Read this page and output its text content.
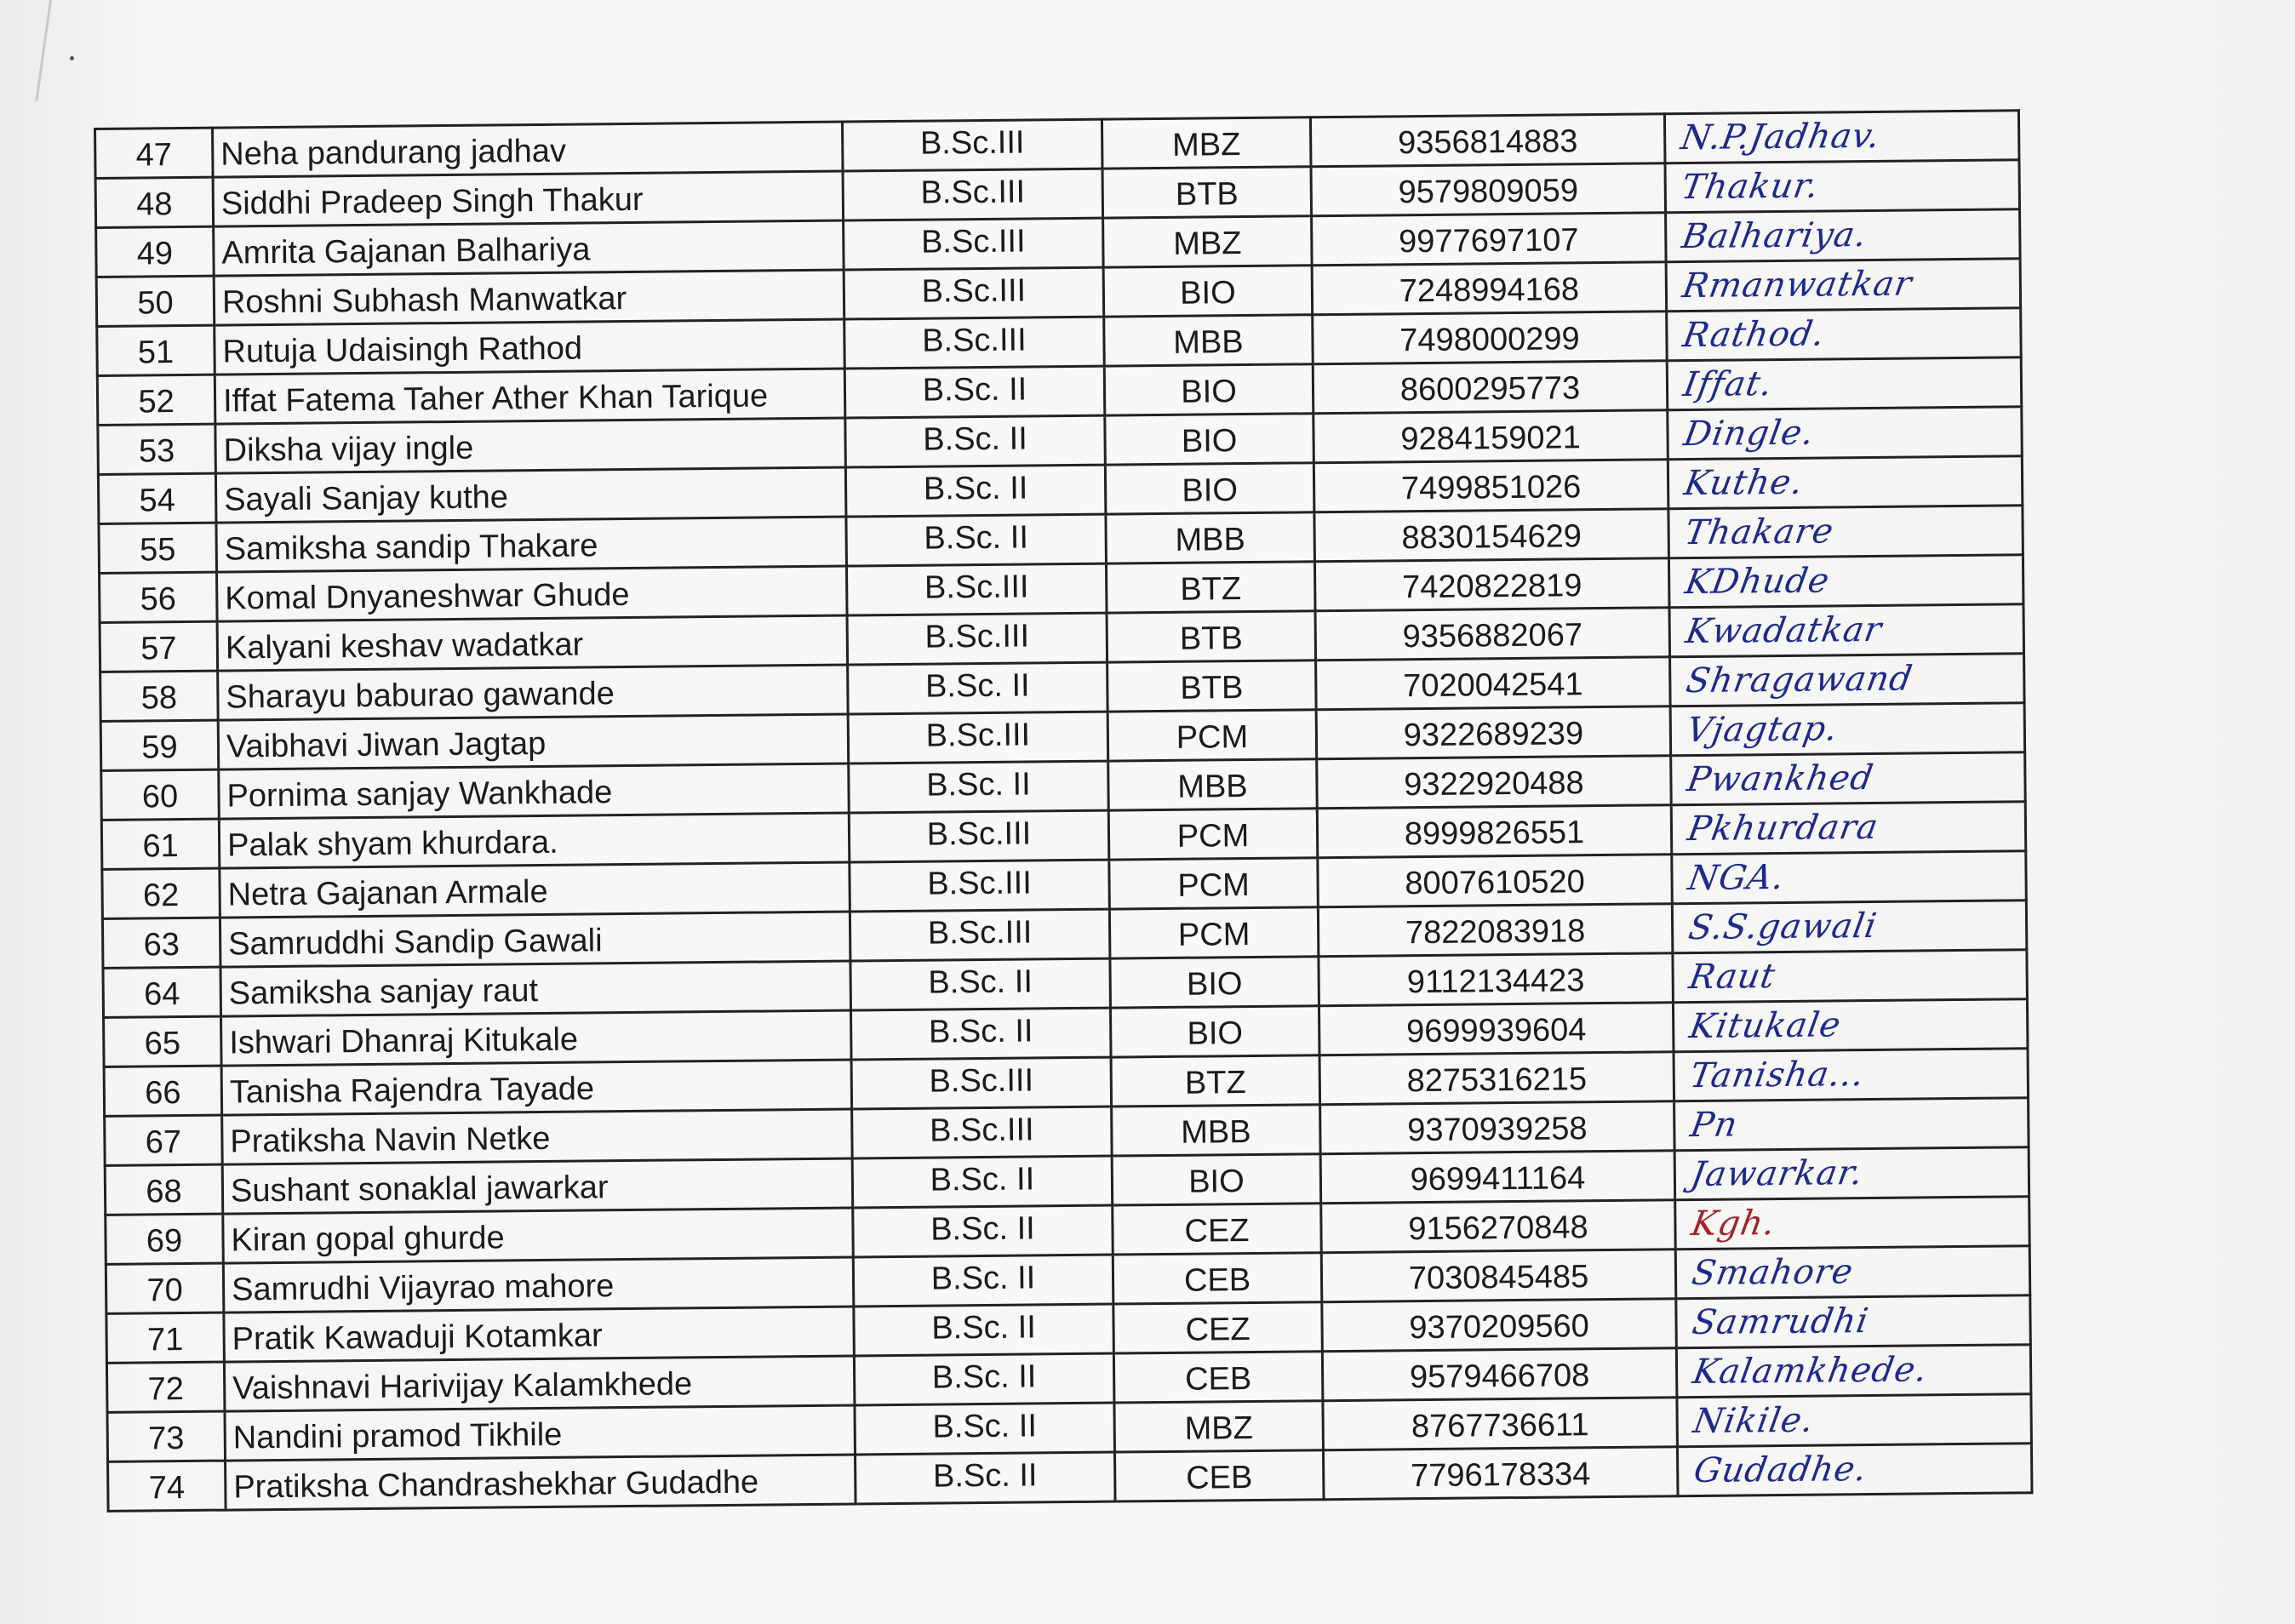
47	Neha pandurang jadhav	B.Sc.III	MBZ	9356814883	N.P.Jadhav.

48	Siddhi Pradeep Singh Thakur	B.Sc.III	BTB	9579809059	Thakur.

49	Amrita Gajanan Balhariya	B.Sc.III	MBZ	9977697107	Balhariya.

50	Roshni Subhash Manwatkar	B.Sc.III	BIO	7248994168	Rmanwatkar

51	Rutuja Udaisingh Rathod	B.Sc.III	MBB	7498000299	Rathod.

52	Iffat Fatema Taher Ather Khan Tarique	B.Sc. II	BIO	8600295773	Iffat.

53	Diksha vijay ingle	B.Sc. II	BIO	9284159021	Dingle.

54	Sayali Sanjay kuthe	B.Sc. II	BIO	7499851026	Kuthe.

55	Samiksha sandip Thakare	B.Sc. II	MBB	8830154629	Thakare

56	Komal Dnyaneshwar Ghude	B.Sc.III	BTZ	7420822819	KDhude

57	Kalyani keshav wadatkar	B.Sc.III	BTB	9356882067	Kwadatkar

58	Sharayu baburao gawande	B.Sc. II	BTB	7020042541	Shragawand

59	Vaibhavi Jiwan Jagtap	B.Sc.III	PCM	9322689239	Vjagtap.

60	Pornima sanjay Wankhade	B.Sc. II	MBB	9322920488	Pwankhed

61	Palak shyam khurdara.	B.Sc.III	PCM	8999826551	Pkhurdara

62	Netra Gajanan Armale	B.Sc.III	PCM	8007610520	NGA.

63	Samruddhi Sandip Gawali	B.Sc.III	PCM	7822083918	S.S.gawali

64	Samiksha sanjay raut	B.Sc. II	BIO	9112134423	Raut

65	Ishwari Dhanraj Kitukale	B.Sc. II	BIO	9699939604	Kitukale

66	Tanisha Rajendra Tayade	B.Sc.III	BTZ	8275316215	Tanisha...

67	Pratiksha Navin Netke	B.Sc.III	MBB	9370939258	Pn

68	Sushant sonaklal jawarkar	B.Sc. II	BIO	9699411164	Jawarkar.

69	Kiran gopal ghurde	B.Sc. II	CEZ	9156270848	Kgh.

70	Samrudhi Vijayrao mahore	B.Sc. II	CEB	7030845485	Smahore

71	Pratik Kawaduji Kotamkar	B.Sc. II	CEZ	9370209560	Samrudhi

72	Vaishnavi Harivijay Kalamkhede	B.Sc. II	CEB	9579466708	Kalamkhede.

73	Nandini pramod Tikhile	B.Sc. II	MBZ	8767736611	Nikile.

74	Pratiksha Chandrashekhar Gudadhe	B.Sc. II	CEB	7796178334	Gudadhe.
